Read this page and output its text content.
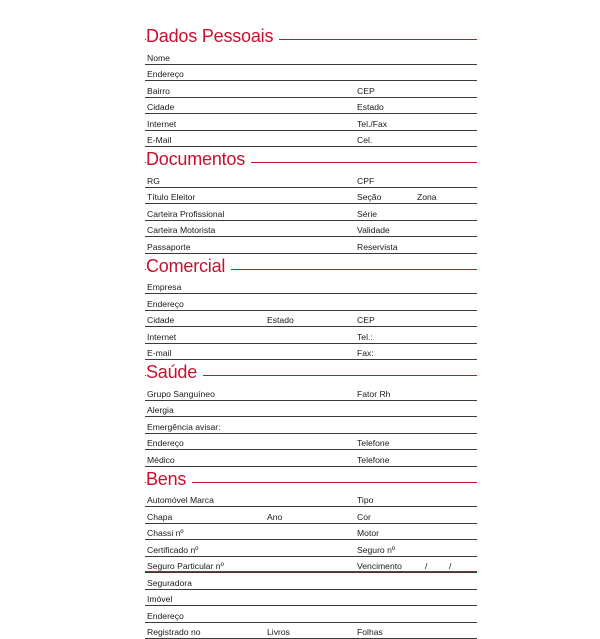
Dados Pessoais
Nome
Endereço
Bairro	CEP
Cidade	Estado
Internet	Tel./Fax
E-Mail	Cel.
Documentos
RG	CPF
Título Eleitor	Seção	Zona
Carteira Profissional	Série
Carteira Motorista	Validade
Passaporte	Reservista
Comercial
Empresa
Endereço
Cidade	Estado	CEP
Internet	Tel.:
E-mail	Fax:
Saúde
Grupo Sanguíneo	Fator Rh
Alergia
Emergência avisar:
Endereço	Telefone
Médico	Telefone
Bens
Automóvel Marca	Tipo
Chapa	Ano	Cor
Chassi nº	Motor
Certificado nº	Seguro nº
Seguro Particular nº	Vencimento	/	/
Seguradora
Imóvel
Endereço
Registrado no	Livros	Folhas
